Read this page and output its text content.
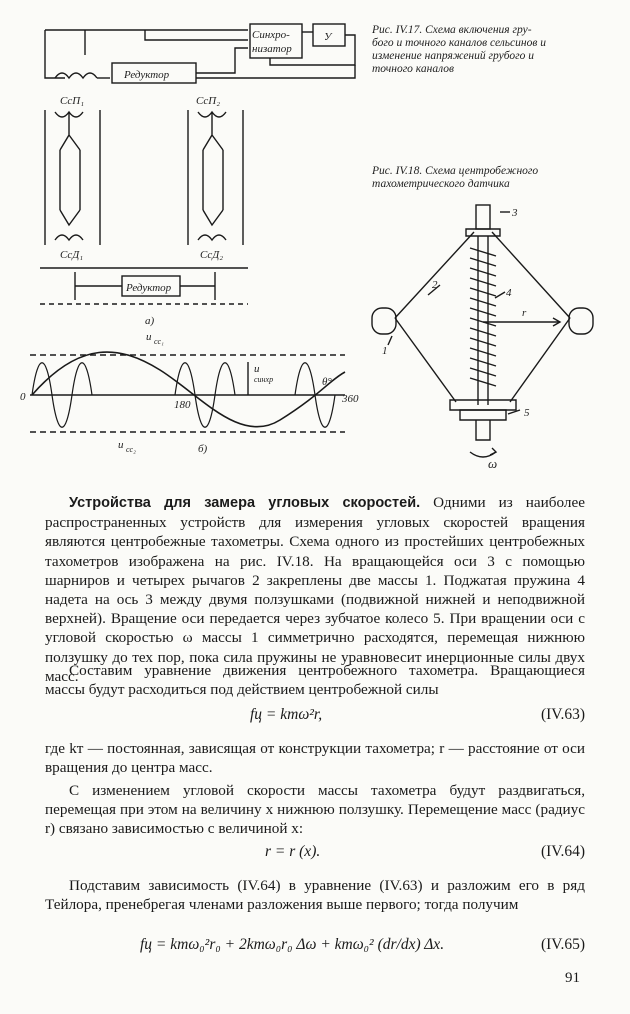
Синхро-
низатор
У
Редуктор
Редуктор
СсП₁	СсП₂
СсД₁	СсД₂
а)
б)
u сс₁
u сс₂
u
синхр	θ°
0
180	360
1
2
3
4
5
r
ω
Рис. IV.17. Схема включения гру-
бого и точного каналов сельсинов и
изменение напряжений грубого и
точного каналов
Рис. IV.18. Схема центробежного
тахометрического датчика

Устройства для замера угловых скоростей. Одними из наиболее распространенных устройств для измерения угловых скоростей вращения являются центробежные тахометры. Схема одного из простейших центробежных тахометров изображена на рис. IV.18. На вращающейся оси 3 с помощью шарниров и четырех рычагов 2 закреплены две массы 1. Поджатая пружина 4 надета на ось 3 между двумя ползушками (подвижной нижней и неподвижной верхней). Вращение оси передается через зубчатое колесо 5. При вращении оси с угловой скоростью ω массы 1 симметрично расходятся, перемещая нижнюю ползушку до тех пор, пока сила пружины не уравновесит инерционные силы двух масс.

Составим уравнение движения центробежного тахометра. Вращающиеся массы будут расходиться под действием центробежной силы

fц = kтω²r,	(IV.63)

где kт — постоянная, зависящая от конструкции тахометра; r — расстояние от оси вращения до центра масс.

С изменением угловой скорости массы тахометра будут раздвигаться, перемещая при этом на величину x нижнюю ползушку. Перемещение масс (радиус r) связано зависимостью с величиной x:

r = r (x).	(IV.64)

Подставим зависимость (IV.64) в уравнение (IV.63) и разложим его в ряд Тейлора, пренебрегая членами разложения выше первого; тогда получим

fц = kтω₀²r₀ + 2kтω₀r₀ Δω + kтω₀² (dr/dx) Δx.	(IV.65)
91
